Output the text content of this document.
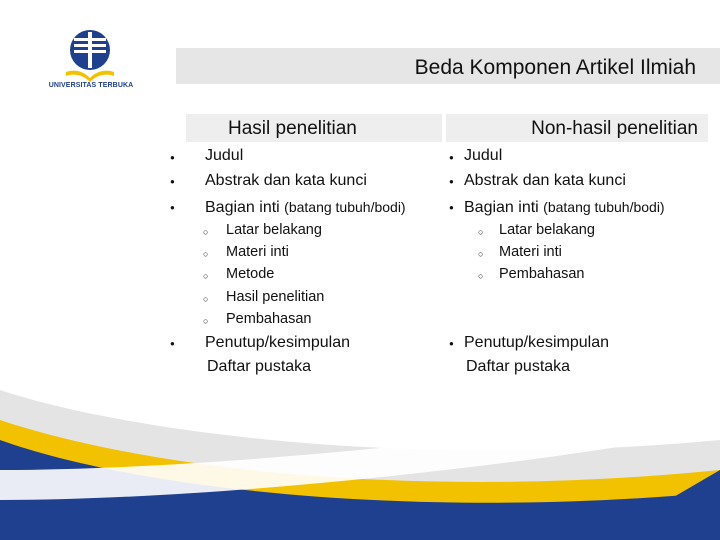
UNIVERSITAS TERBUKA
Beda Komponen Artikel Ilmiah
Hasil penelitian	Non-hasil penelitian
● Judul
● Abstrak dan kata kunci
● Bagian inti (batang tubuh/bodi)
○ Latar belakang
○ Materi inti
○ Metode
○ Hasil penelitian
○ Pembahasan
● Penutup/kesimpulan
Daftar pustaka
● Judul
● Abstrak dan kata kunci
● Bagian inti (batang tubuh/bodi)
○ Latar belakang
○ Materi inti
○ Pembahasan
● Penutup/kesimpulan
Daftar pustaka
